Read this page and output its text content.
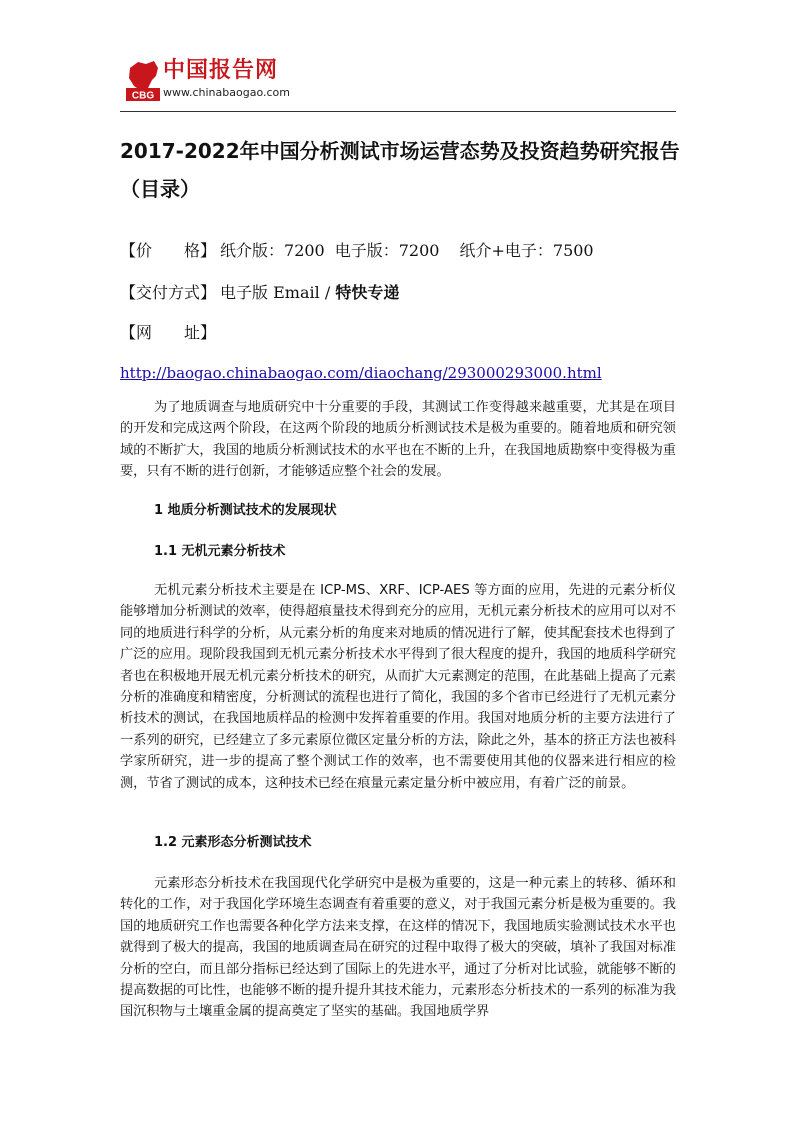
CBG
中国报告网
www.chinabaogao.com
2017-2022年中国分析测试市场运营态势及投资趋势研究报告（目录）
【价　　格】 纸介版：7200 电子版：7200 纸介+电子：7500
【交付方式】 电子版 Email / 特快专递
【网　　址】
http://baogao.chinabaogao.com/diaochang/293000293000.html

为了地质调查与地质研究中十分重要的手段，其测试工作变得越来越重要，尤其是在项目的开发和完成这两个阶段，在这两个阶段的地质分析测试技术是极为重要的。随着地质和研究领域的不断扩大，我国的地质分析测试技术的水平也在不断的上升，在我国地质勘察中变得极为重要，只有不断的进行创新，才能够适应整个社会的发展。

1 地质分析测试技术的发展现状
1.1 无机元素分析技术

无机元素分析技术主要是在 ICP-MS、XRF、ICP-AES 等方面的应用，先进的元素分析仪能够增加分析测试的效率，使得超痕量技术得到充分的应用，无机元素分析技术的应用可以对不同的地质进行科学的分析，从元素分析的角度来对地质的情况进行了解，使其配套技术也得到了广泛的应用。现阶段我国到无机元素分析技术水平得到了很大程度的提升，我国的地质科学研究者也在积极地开展无机元素分析技术的研究，从而扩大元素测定的范围，在此基础上提高了元素分析的准确度和精密度，分析测试的流程也进行了简化，我国的多个省市已经进行了无机元素分析技术的测试，在我国地质样品的检测中发挥着重要的作用。我国对地质分析的主要方法进行了一系列的研究，已经建立了多元素原位微区定量分析的方法，除此之外，基本的挤正方法也被科学家所研究，进一步的提高了整个测试工作的效率，也不需要使用其他的仪器来进行相应的检测，节省了测试的成本，这种技术已经在痕量元素定量分析中被应用，有着广泛的前景。

1.2 元素形态分析测试技术

元素形态分析技术在我国现代化学研究中是极为重要的，这是一种元素上的转移、循环和转化的工作，对于我国化学环境生态调查有着重要的意义，对于我国元素分析是极为重要的。我国的地质研究工作也需要各种化学方法来支撑，在这样的情况下，我国地质实验测试技术水平也就得到了极大的提高，我国的地质调查局在研究的过程中取得了极大的突破，填补了我国对标准分析的空白，而且部分指标已经达到了国际上的先进水平，通过了分析对比试验，就能够不断的提高数据的可比性，也能够不断的提升提升其技术能力，元素形态分析技术的一系列的标准为我国沉积物与土壤重金属的提高奠定了坚实的基础。我国地质学界
